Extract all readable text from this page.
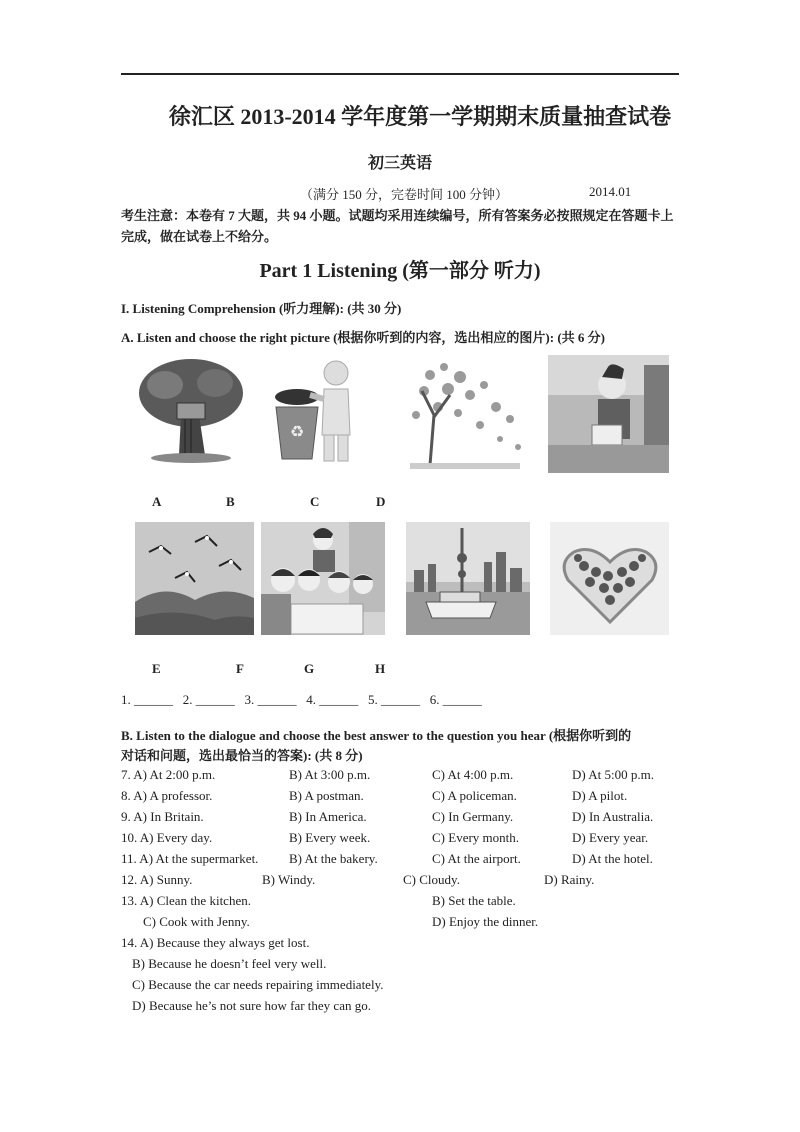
徐汇区 2013-2014 学年度第一学期期末质量抽查试卷
初三英语
（满分 150 分，完卷时间 100 分钟）	2014.01
考生注意：本卷有 7 大题，共 94 小题。试题均采用连续编号，所有答案务必按照规定在答题卡上完成，做在试卷上不给分。
Part 1 Listening (第一部分 听力)
I. Listening Comprehension (听力理解): (共 30 分)
A. Listen and choose the right picture (根据你听到的内容，选出相应的图片): (共 6 分)
♻
A	B	C	D
E	F	G	H
1. ______   2. ______   3. ______   4. ______   5. ______   6. ______
B. Listen to the dialogue and choose the best answer to the question you hear (根据你听到的
对话和问题，选出最恰当的答案): (共 8 分)
7. A) At 2:00 p.m.	B) At 3:00 p.m.	C) At 4:00 p.m.	D) At 5:00 p.m.
8. A) A professor.	B) A postman.	C) A policeman.	D) A pilot.
9. A) In Britain.	B) In America.	C) In Germany.	D) In Australia.
10. A) Every day.	B) Every week.	C) Every month.	D) Every year.
11. A) At the supermarket. B) At the bakery.	C) At the airport.	D) At the hotel.
12. A) Sunny.	B) Windy.	C) Cloudy.	D) Rainy.
13. A) Clean the kitchen.	B) Set the table.
C) Cook with Jenny.	D) Enjoy the dinner.
14. A) Because they always get lost.
B) Because he doesn’t feel very well.
C) Because the car needs repairing immediately.
D) Because he’s not sure how far they can go.
